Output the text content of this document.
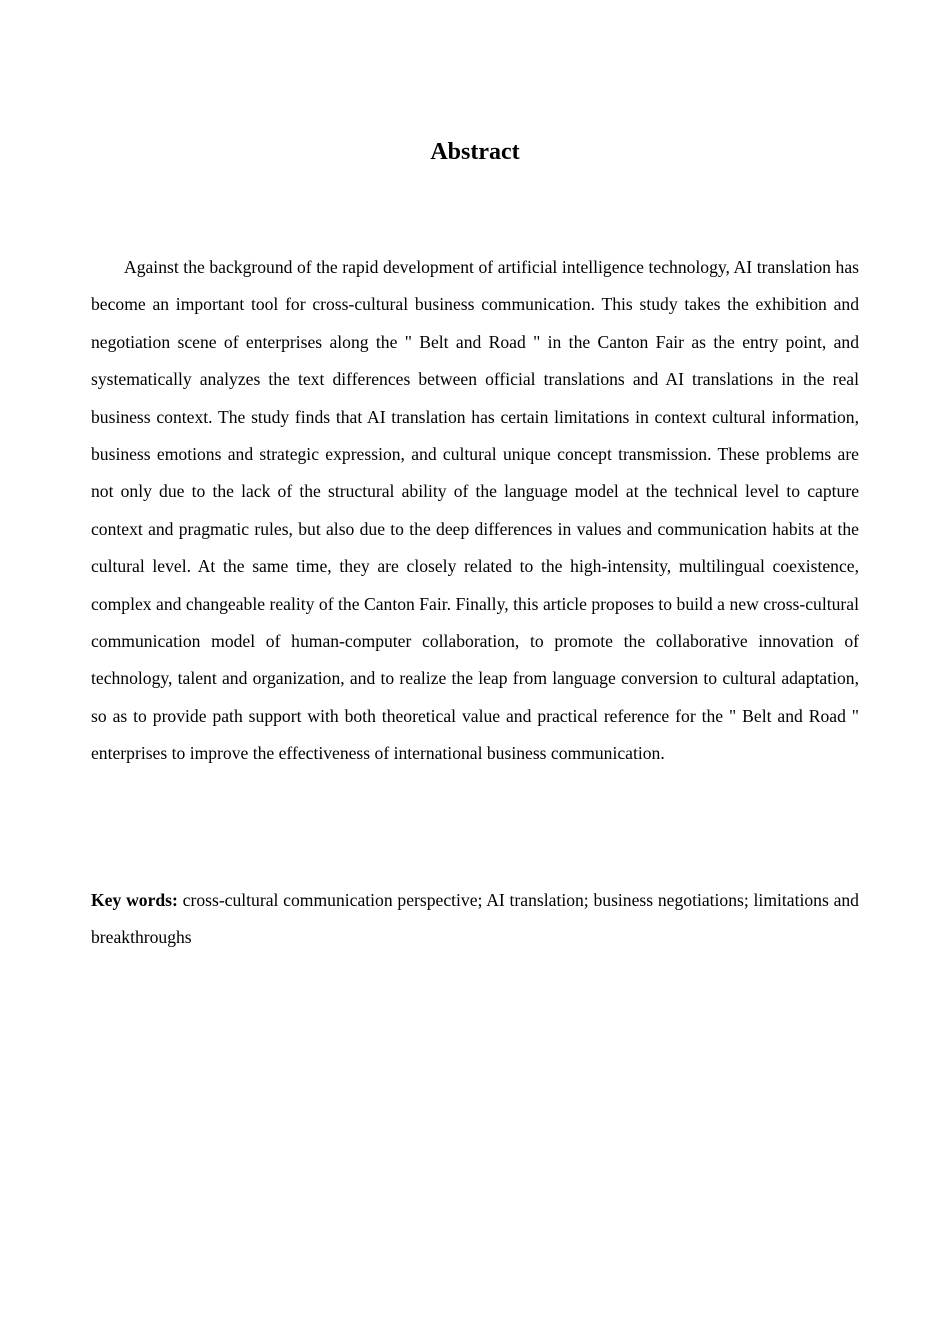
Abstract

Against the background of the rapid development of artificial intelligence technology, AI translation has become an important tool for cross-cultural business communication. This study takes the exhibition and negotiation scene of enterprises along the " Belt and Road " in the Canton Fair as the entry point, and systematically analyzes the text differences between official translations and AI translations in the real business context. The study finds that AI translation has certain limitations in context cultural information, business emotions and strategic expression, and cultural unique concept transmission. These problems are not only due to the lack of the structural ability of the language model at the technical level to capture context and pragmatic rules, but also due to the deep differences in values and communication habits at the cultural level. At the same time, they are closely related to the high-intensity, multilingual coexistence, complex and changeable reality of the Canton Fair. Finally, this article proposes to build a new cross-cultural communication model of human-computer collaboration, to promote the collaborative innovation of technology, talent and organization, and to realize the leap from language conversion to cultural adaptation, so as to provide path support with both theoretical value and practical reference for the " Belt and Road " enterprises to improve the effectiveness of international business communication.

Key words: cross-cultural communication perspective; AI translation; business negotiations; limitations and breakthroughs
